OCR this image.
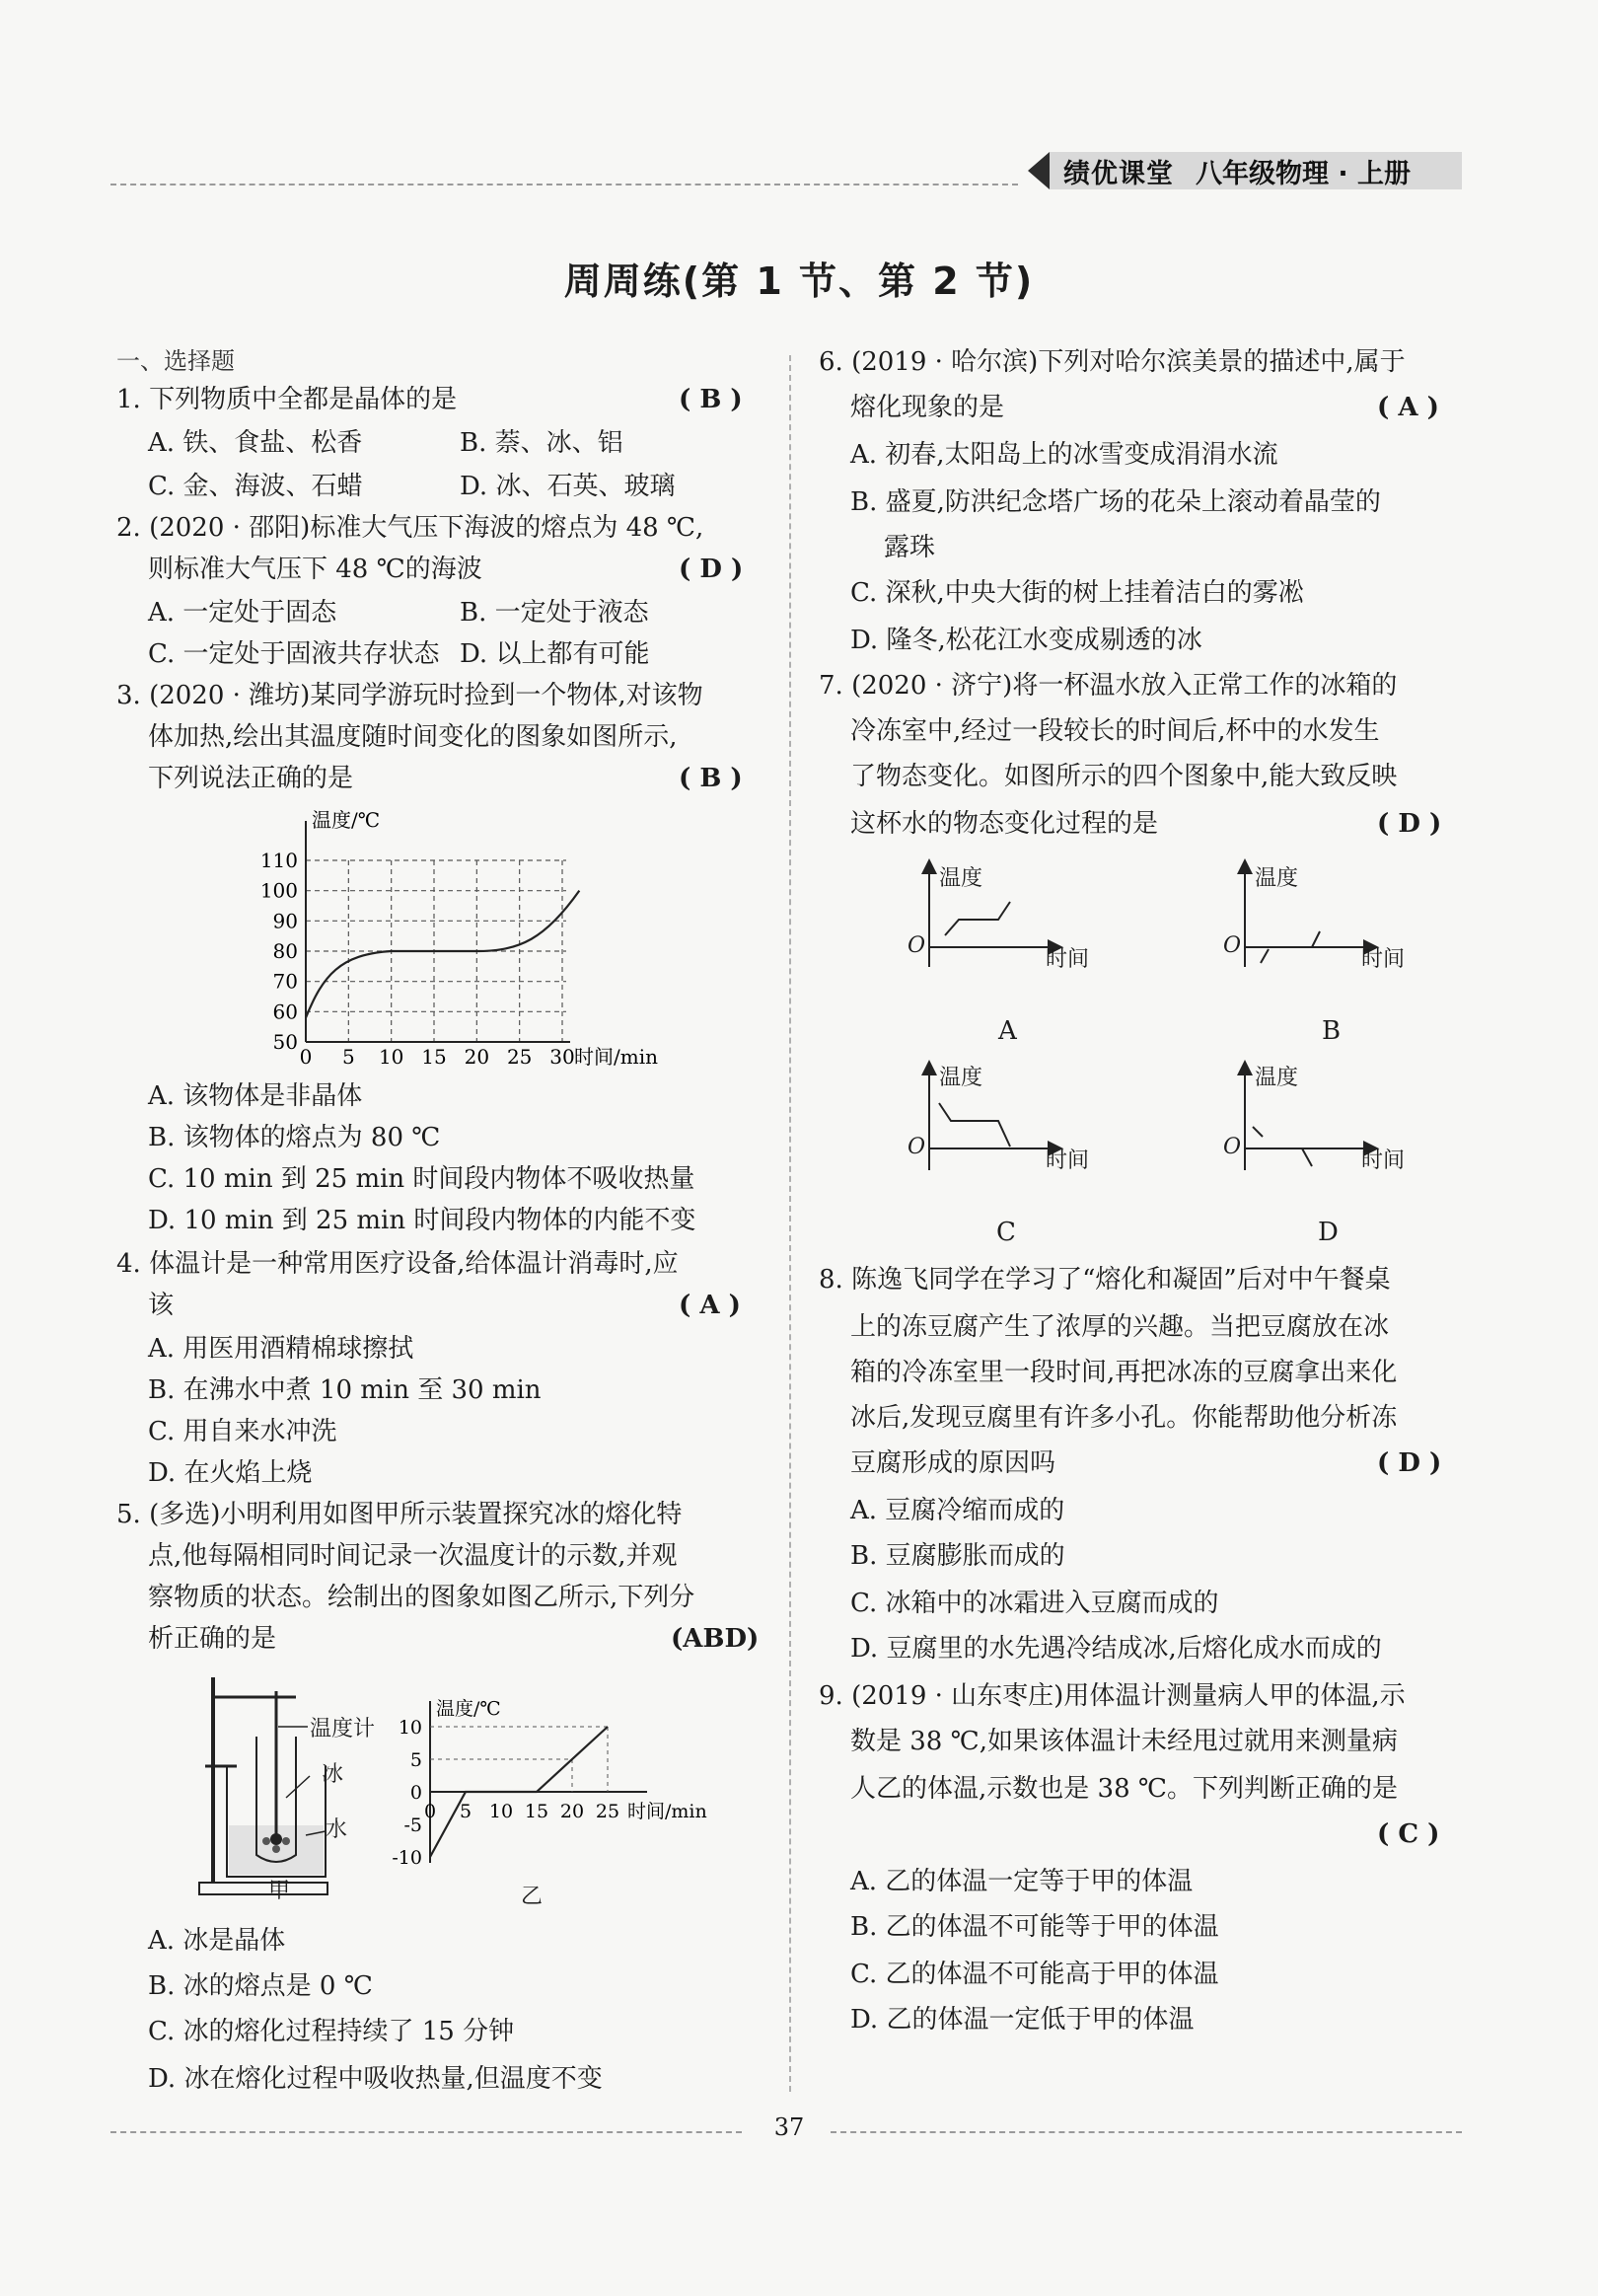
绩优课堂 八年级物理 · 上册
周周练(第 1 节、第 2 节)
一、选择题
1. 下列物质中全都是晶体的是	( B )
A. 铁、食盐、松香	B. 萘、冰、铝
C. 金、海波、石蜡	D. 冰、石英、玻璃
2. (2020 · 邵阳)标准大气压下海波的熔点为 48 ℃,
则标准大气压下 48 ℃的海波	( D )
A. 一定处于固态	B. 一定处于液态
C. 一定处于固液共存状态 D. 以上都有可能
3. (2020 · 潍坊)某同学游玩时捡到一个物体,对该物
体加热,绘出其温度随时间变化的图象如图所示,
下列说法正确的是	( B )
50
60
70
80
90
100
110
0 5 10 15 20 25 30
温度/℃
时间/min
A. 该物体是非晶体
B. 该物体的熔点为 80 ℃
C. 10 min 到 25 min 时间段内物体不吸收热量
D. 10 min 到 25 min 时间段内物体的内能不变
4. 体温计是一种常用医疗设备,给体温计消毒时,应
该	( A )
A. 用医用酒精棉球擦拭
B. 在沸水中煮 10 min 至 30 min
C. 用自来水冲洗
D. 在火焰上烧
5. (多选)小明利用如图甲所示装置探究冰的熔化特
点,他每隔相同时间记录一次温度计的示数,并观
察物质的状态。绘制出的图象如图乙所示,下列分
析正确的是	(ABD)
温度计
冰
水
甲
-10
-5
0
5
10
0 5 10 15 20 25
温度/℃
时间/min
乙
A. 冰是晶体
B. 冰的熔点是 0 ℃
C. 冰的熔化过程持续了 15 分钟
D. 冰在熔化过程中吸收热量,但温度不变
6. (2019 · 哈尔滨)下列对哈尔滨美景的描述中,属于
熔化现象的是	( A )
A. 初春,太阳岛上的冰雪变成涓涓水流
B. 盛夏,防洪纪念塔广场的花朵上滚动着晶莹的
露珠
C. 深秋,中央大街的树上挂着洁白的雾凇
D. 隆冬,松花江水变成剔透的冰
7. (2020 · 济宁)将一杯温水放入正常工作的冰箱的
冷冻室中,经过一段较长的时间后,杯中的水发生
了物态变化。如图所示的四个图象中,能大致反映
这杯水的物态变化过程的是	( D )
温度
O
时间
A
温度
O
时间
B
温度
O
时间
C
温度
O
时间
D
8. 陈逸飞同学在学习了“熔化和凝固”后对中午餐桌
上的冻豆腐产生了浓厚的兴趣。当把豆腐放在冰
箱的冷冻室里一段时间,再把冰冻的豆腐拿出来化
冰后,发现豆腐里有许多小孔。你能帮助他分析冻
豆腐形成的原因吗	( D )
A. 豆腐冷缩而成的
B. 豆腐膨胀而成的
C. 冰箱中的冰霜进入豆腐而成的
D. 豆腐里的水先遇冷结成冰,后熔化成水而成的
9. (2019 · 山东枣庄)用体温计测量病人甲的体温,示
数是 38 ℃,如果该体温计未经甩过就用来测量病
人乙的体温,示数也是 38 ℃。下列判断正确的是
( C )
A. 乙的体温一定等于甲的体温
B. 乙的体温不可能等于甲的体温
C. 乙的体温不可能高于甲的体温
D. 乙的体温一定低于甲的体温
37
